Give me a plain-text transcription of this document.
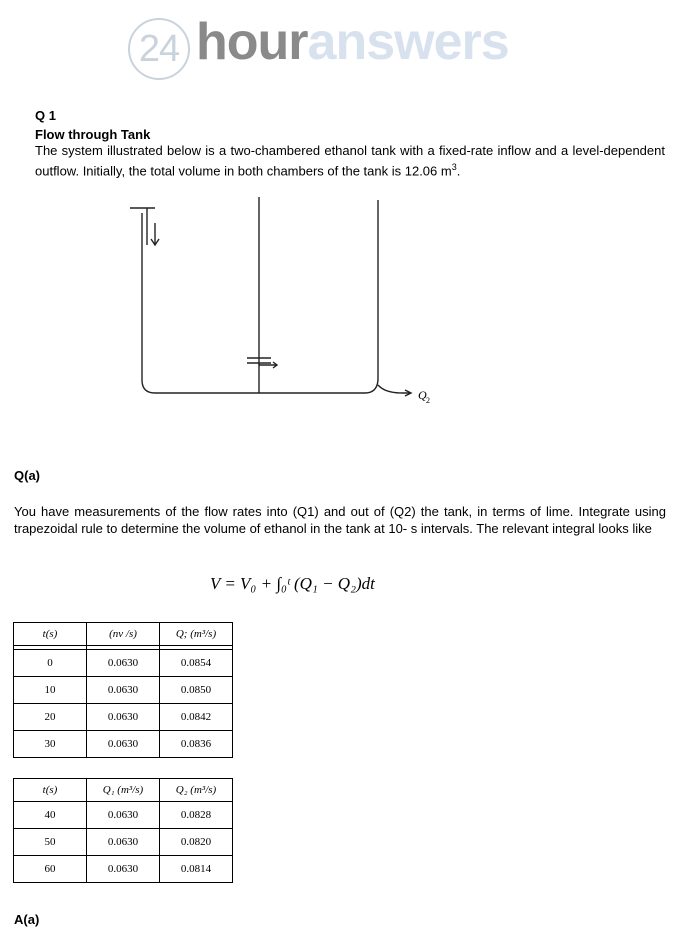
24 houranswers
Q 1
Flow through Tank
The system illustrated below is a two-chambered ethanol tank with a fixed-rate inflow and a level-dependent outflow. Initially, the total volume in both chambers of the tank is 12.06 $m^3$.
Q 2
Q(a)
You have measurements of the flow rates into (Q1) and out of (Q2) the tank, in terms of lime. Integrate using trapezoidal rule to determine the volume of ethanol in the tank at 10- s intervals. The relevant integral looks like
V = V₀ + ∫₀ᵗ (Q₁ − Q₂)dt
t(s)	(nv /s)	Q; (m³/s)

0	0.0630	0.0854
10	0.0630	0.0850
20	0.0630	0.0842
30	0.0630	0.0836
t(s)	Q₁ (m³/s)	Q₂ (m³/s)
40	0.0630	0.0828
50	0.0630	0.0820
60	0.0630	0.0814
A(a)
